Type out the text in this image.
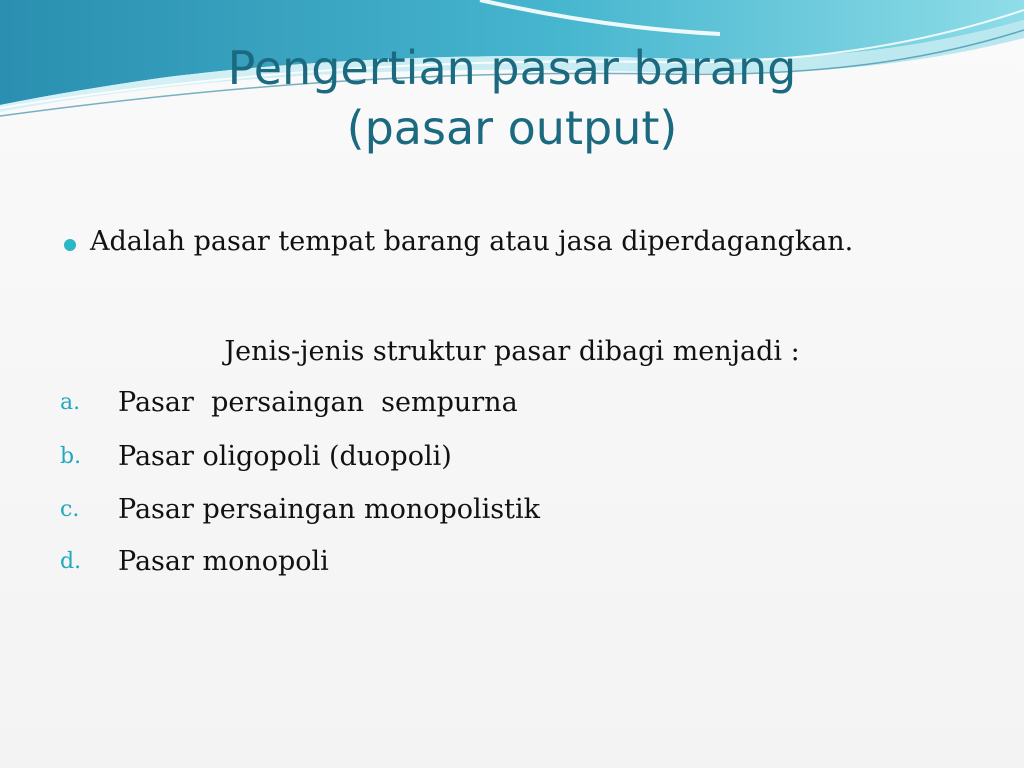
Pengertian pasar barang
(pasar output)
Adalah pasar tempat barang atau jasa diperdagangkan.
Jenis-jenis struktur pasar dibagi menjadi :
a. Pasar  persaingan  sempurna
b. Pasar oligopoli (duopoli)
c. Pasar persaingan monopolistik
d. Pasar monopoli
